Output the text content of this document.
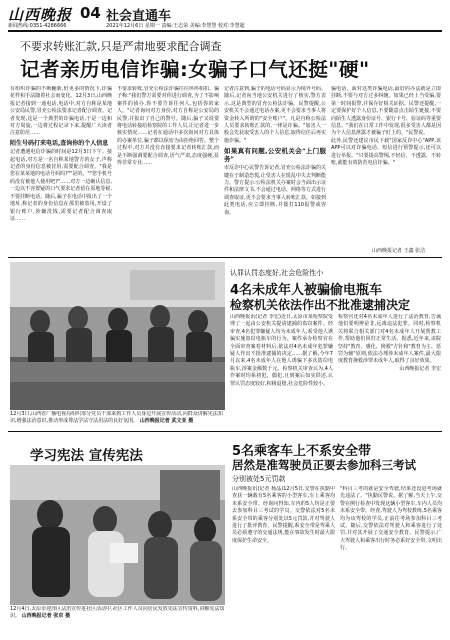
山西晚报 04 社会直通车
新闻热线:0351-4286666	2021年12月6日 星期一 责编:王志荣 美编:李慧慧 校对:李慧超
不要求转账汇款,只是严肃地要求配合调查
记者亲历电信诈骗:女骗子口气还挺"硬"
有组织诈骗的不断翻新,但更多的情况下,诈骗花样和手法随着社会而变化。12月3日,山西晚报记者接到一通电话,电话中,对方自称是某地公安局民警,冒充公检法要求记者配合调查。记者发现,这是一个典型的诈骗电话,于是一边和对方周旋,一边将过程记录下来,提醒广大读者注意防范……
陌生号码打来电话,查询你的个人信息
记者遭遇电信诈骗的时间是12月3日下午。接起电话,对方是一名自称某地警方的女子,声称记者的身份信息被冒用,需要配合调查。"我是您在某某地的电话号码吗?""是的。""您手机号码没有被他人使用吧?"……对方一边确认信息,一边以不容置疑的口气要求记者留在原地等候,不要挂断电话。随后,骗子在电话中报出了一个地址,称记者的身份信息在那里被盗用,开设了银行账户,涉嫌洗钱,需要记者配合调查取证……
不要求转账,冒充公检法诈骗往往环环相扣。骗子称:"我们警方需要对你进行调查,为了不影响案件的侦办,你不要告诉任何人,包括你的家人。"记者询问对方身份,对方自称是公安局的民警,并报出了自己的警号。随后,骗子又说要将电话转接给检察院的工作人员,让记者进一步核实情况……记者在通话中多次询问对方具体的办案单位,骗子都以保密为由拒绝回答。整个过程中,对方并没有直接要求记者转账汇款,而是不断强调要配合调查,语气严肃,态度强硬,显得非常专业……
记者注意到,骗子的电话号码显示为境外号码。随后,记者向当地公安机关进行了核实,警方表示,这是典型的冒充公检法诈骗。民警提醒,公安机关不会通过电话办案,更不会要求当事人将资金转入所谓的"安全账户"。凡是自称公检法人员要求转账汇款的,一律是诈骗。"加害人一般会先获取受害人的个人信息,取得信任后再实施诈骗。"
如果真有问题,公安机关会"上门服务"
市反诈中心民警告诉记者,冒充公检法诈骗的关键在于制造恐慌,让受害人在慌乱中失去判断能力。警方提示:公检法机关办案时会当面出示证件和法律文书,不会通过电话、网络等方式进行调查取证,更不会要求当事人转账汇款。如接到此类电话,应立即挂断,并拨打110报警或咨询。
骗电话。面对这类诈骗电话,最好的办法就是立即挂断,不要与对方过多纠缠。如果已经上当受骗,要第一时间报警,并保存好相关证据。民警还提醒,一定要保护好个人信息,不要随意点击陌生链接,不要向陌生人透露身份证号、银行卡号、验证码等重要信息。"我们在日常工作中发现,很多受害人都是因为个人信息泄露才被骗子盯上的。"民警说。
此外,民警还建议市民下载"国家反诈中心"APP,该APP可以对诈骗电话、短信进行预警提示,还可以进行举报。"只要提高警惕,不轻信、不透露、不转账,就能有效防范电信诈骗。"
山西晚报记者 王鑫 张洁
12月3日,山西省广播电视局组织部分党员干部来到工作人员身边开展宣传活动,向群众讲解宪法知识,增强法治意识,推动形成尊法学法守法用法的良好氛围。 山西晚报记者 武文亚 摄
认罪认罚态度好,社会危险性小
4名未成年人被骗偷电瓶车
检察机关依法作出不批准逮捕决定
山西晚报讯(记者 李宏)近日,太原市某检察院受理了一起由公安机关提请逮捕的盗窃案件。经审查,4名犯罪嫌疑人均为未成年人,系受他人诱骗实施盗窃电瓶车的行为。案件承办检察官在全面审查案卷材料后,依法对4名未成年犯罪嫌疑人作出不批准逮捕的决定……据了解,今年7月以来,4名未成年人在他人诱骗下多次盗窃电瓶车,涉案金额数千元。检察机关审查认为,4人作案时均系初犯、偶犯,且到案后如实供述,认罪认罚态度较好,积极退赔,社会危险性较小。
检察官还对4名未成年人进行了法治教育,告诫他们要明辨是非,远离违法犯罪。同时,检察机关将联合相关部门对4名未成年人开展帮教工作,帮助他们回归正常生活。据悉,近年来,该院坚持"教育、感化、挽救"方针和"教育为主、惩罚为辅"原则,依法办理涉未成年人案件,最大限度教育挽救涉罪未成年人,取得了良好效果。
山西晚报记者 李宏
学习宪法 宣传宪法
12月4日,太原市迎泽区法治宣传进社区活动中,社区工作人员向居民发放宪法宣传资料,讲解宪法知识。 山西晚报记者 张京 摄
5名乘客车上不系安全带
居然是准驾驶员正要去参加科三考试
分别被处5元罚款
山西晚报讯(记者 杨晶)12月5日,交警在执勤中查获一辆载有5名乘客的小型客车,车上乘客均未系安全带。经询问得知,车内的5人均是正要去参加科目三考试的学员。交警依法对5名未系安全带的乘客分别处以5元罚款,并对驾驶人进行了批评教育。民警提醒,系安全带是驾乘人员必须遵守的交通法规,能在事故发生时最大限度保护生命安全。
"科目三考的就是安全驾驶,结果还没进考场就先违法了。"执勤民警说。据了解,当天上午,交警在例行检查中发现这辆小型客车,车内人员均未系安全带。经查,驾驶人为驾校教练,5名乘客均为该驾校的学员,正前往考场参加科目三考试。随后,交警依法对驾驶人和乘客进行了处罚,并对其开展了交通安全教育。民警提示,广大驾驶人和乘客出行时务必系好安全带,文明出行。
